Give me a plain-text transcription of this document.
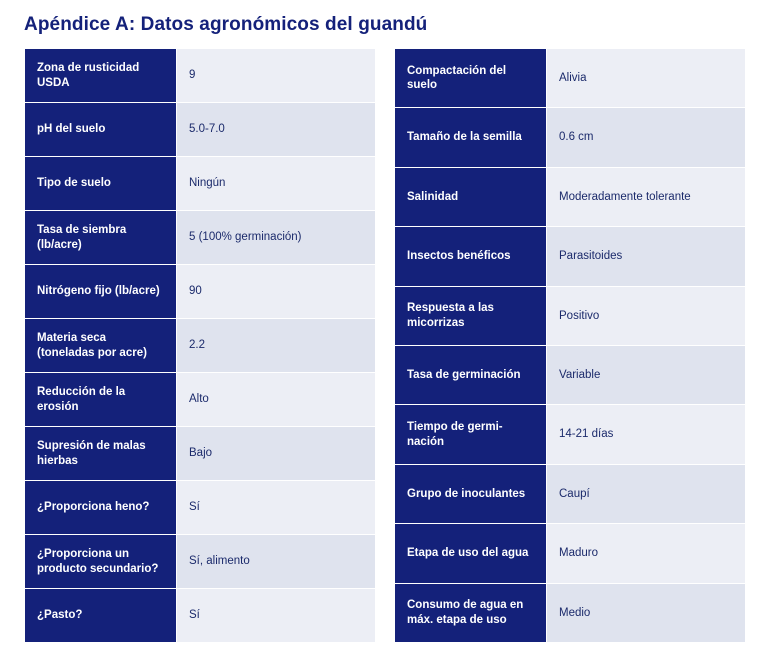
Apéndice A: Datos agronómicos del guandú
Zona de rusticidad USDA	9
pH del suelo	5.0-7.0
Tipo de suelo	Ningún
Tasa de siembra (lb/acre)	5 (100% germinación)
Nitrógeno fijo (lb/acre)	90
Materia seca (toneladas por acre)	2.2
Reducción de la erosión	Alto
Supresión de malas hierbas	Bajo
¿Proporciona heno?	Sí
¿Proporciona un producto secundario?	Sí, alimento
¿Pasto?	Sí
Compactación del suelo	Alivia
Tamaño de la semilla	0.6 cm
Salinidad	Moderadamente tolerante
Insectos benéficos	Parasitoides
Respuesta a las micorrizas	Positivo
Tasa de germinación	Variable
Tiempo de germi-nación	14-21 días
Grupo de inoculantes	Caupí
Etapa de uso del agua	Maduro
Consumo de agua en máx. etapa de uso	Medio
